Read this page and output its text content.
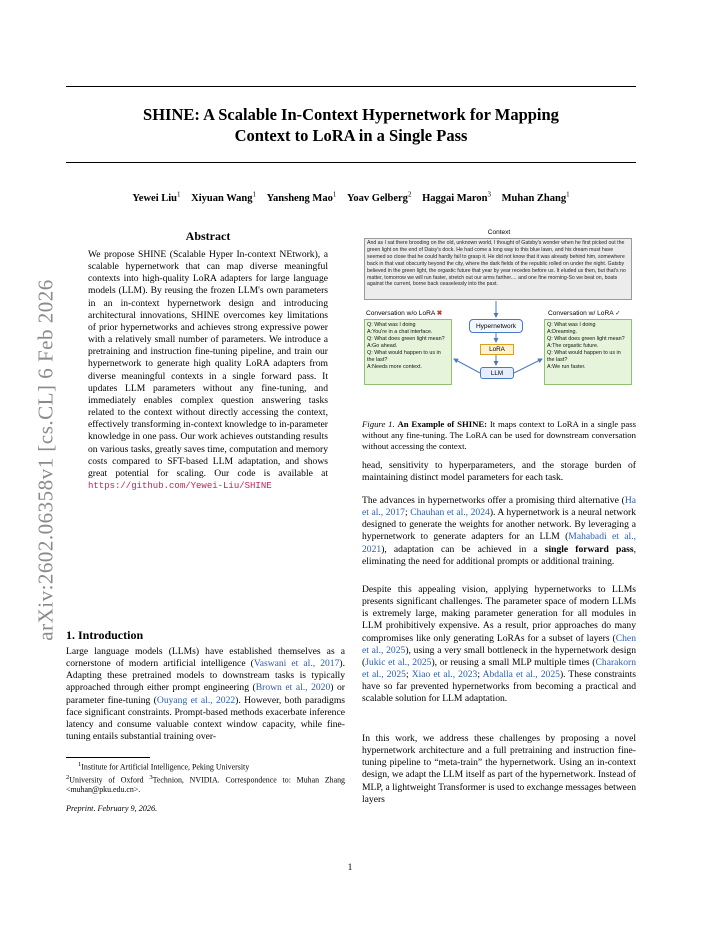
SHINE: A Scalable In-Context Hypernetwork for Mapping
Context to LoRA in a Single Pass
Yewei Liu$^1$ Xiyuan Wang$^1$ Yansheng Mao$^1$ Yoav Gelberg$^2$ Haggai Maron$^3$ Muhan Zhang$^1$
arXiv:2602.06358v1 [cs.CL] 6 Feb 2026
Abstract
We propose SHINE (Scalable Hyper In-context NEtwork), a scalable hypernetwork that can map diverse meaningful contexts into high-quality LoRA adapters for large language models (LLM). By reusing the frozen LLM's own parameters in an in-context hypernetwork design and introducing architectural innovations, SHINE overcomes key limitations of prior hypernetworks and achieves strong expressive power with a relatively small number of parameters. We introduce a pretraining and instruction fine-tuning pipeline, and train our hypernetwork to generate high quality LoRA adapters from diverse meaningful contexts in a single forward pass. It updates LLM parameters without any fine-tuning, and immediately enables complex question answering tasks related to the context without directly accessing the context, effectively transforming in-context knowledge to in-parameter knowledge in one pass. Our work achieves outstanding results on various tasks, greatly saves time, computation and memory costs compared to SFT-based LLM adaptation, and shows great potential for scaling. Our code is available at https://github.com/Yewei-Liu/SHINE
1. Introduction
Large language models (LLMs) have established themselves as a cornerstone of modern artificial intelligence (Vaswani et al., 2017). Adapting these pretrained models to downstream tasks is typically approached through either prompt engineering (Brown et al., 2020) or parameter fine-tuning (Ouyang et al., 2022). However, both paradigms face significant constraints. Prompt-based methods exacerbate inference latency and consume valuable context window capacity, while fine-tuning entails substantial training over-
$^1$Institute for Artificial Intelligence, Peking University
$^2$University of Oxford $^3$Technion, NVIDIA. Correspondence to: Muhan Zhang <muhan@pku.edu.cn>.
Preprint. February 9, 2026.
Context
And as I sat there brooding on the old, unknown world, I thought of Gatsby's wonder when he first picked out the green light on the end of Daisy's dock. He had come a long way to this blue lawn, and his dream must have seemed so close that he could hardly fail to grasp it. He did not know that it was already behind him, somewhere back in that vast obscurity beyond the city, where the dark fields of the republic rolled on under the night. Gatsby believed in the green light, the orgastic future that year by year recedes before us. It eluded us then, but that's no matter, tomorrow we will run faster, stretch out our arms farther.... and one fine morning-So we beat on, boats against the current, borne back ceaselessly into the past.
Conversation w/o LoRA ✖	Conversation w/ LoRA ✓
Q: What was I doing
A:You're in a chat interface.
Q: What does green light mean?
A:Go ahead.
Q: What would happen to us in the last?
A:Needs more context.
Q: What was I doing
A:Dreaming.
Q: What does green light mean?
A:The orgastic future.
Q: What would happen to us in the last?
A:We run faster.
Hypernetwork
LoRA
LLM
Figure 1. An Example of SHINE: It maps context to LoRA in a single pass without any fine-tuning. The LoRA can be used for downstream conversation without accessing the context.
head, sensitivity to hyperparameters, and the storage burden of maintaining distinct model parameters for each task.
The advances in hypernetworks offer a promising third alternative (Ha et al., 2017; Chauhan et al., 2024). A hypernetwork is a neural network designed to generate the weights for another network. By leveraging a hypernetwork to generate adapters for an LLM (Mahabadi et al., 2021), adaptation can be achieved in a single forward pass, eliminating the need for additional prompts or additional training.
Despite this appealing vision, applying hypernetworks to LLMs presents significant challenges. The parameter space of modern LLMs is extremely large, making parameter generation for all modules in LLM prohibitively expensive. As a result, prior approaches do many compromises like only generating LoRAs for a subset of layers (Chen et al., 2025), using a very small bottleneck in the hypernetwork design (Jukic et al., 2025), or reusing a small MLP multiple times (Charakorn et al., 2025; Xiao et al., 2023; Abdalla et al., 2025). These constraints have so far prevented hypernetworks from becoming a practical and scalable solution for LLM adaptation.
In this work, we address these challenges by proposing a novel hypernetwork architecture and a full pretraining and instruction fine-tuning pipeline to “meta-train” the hypernetwork. Using an in-context design, we adapt the LLM itself as part of the hypernetwork. Instead of MLP, a lightweight Transformer is used to exchange messages between layers
1
